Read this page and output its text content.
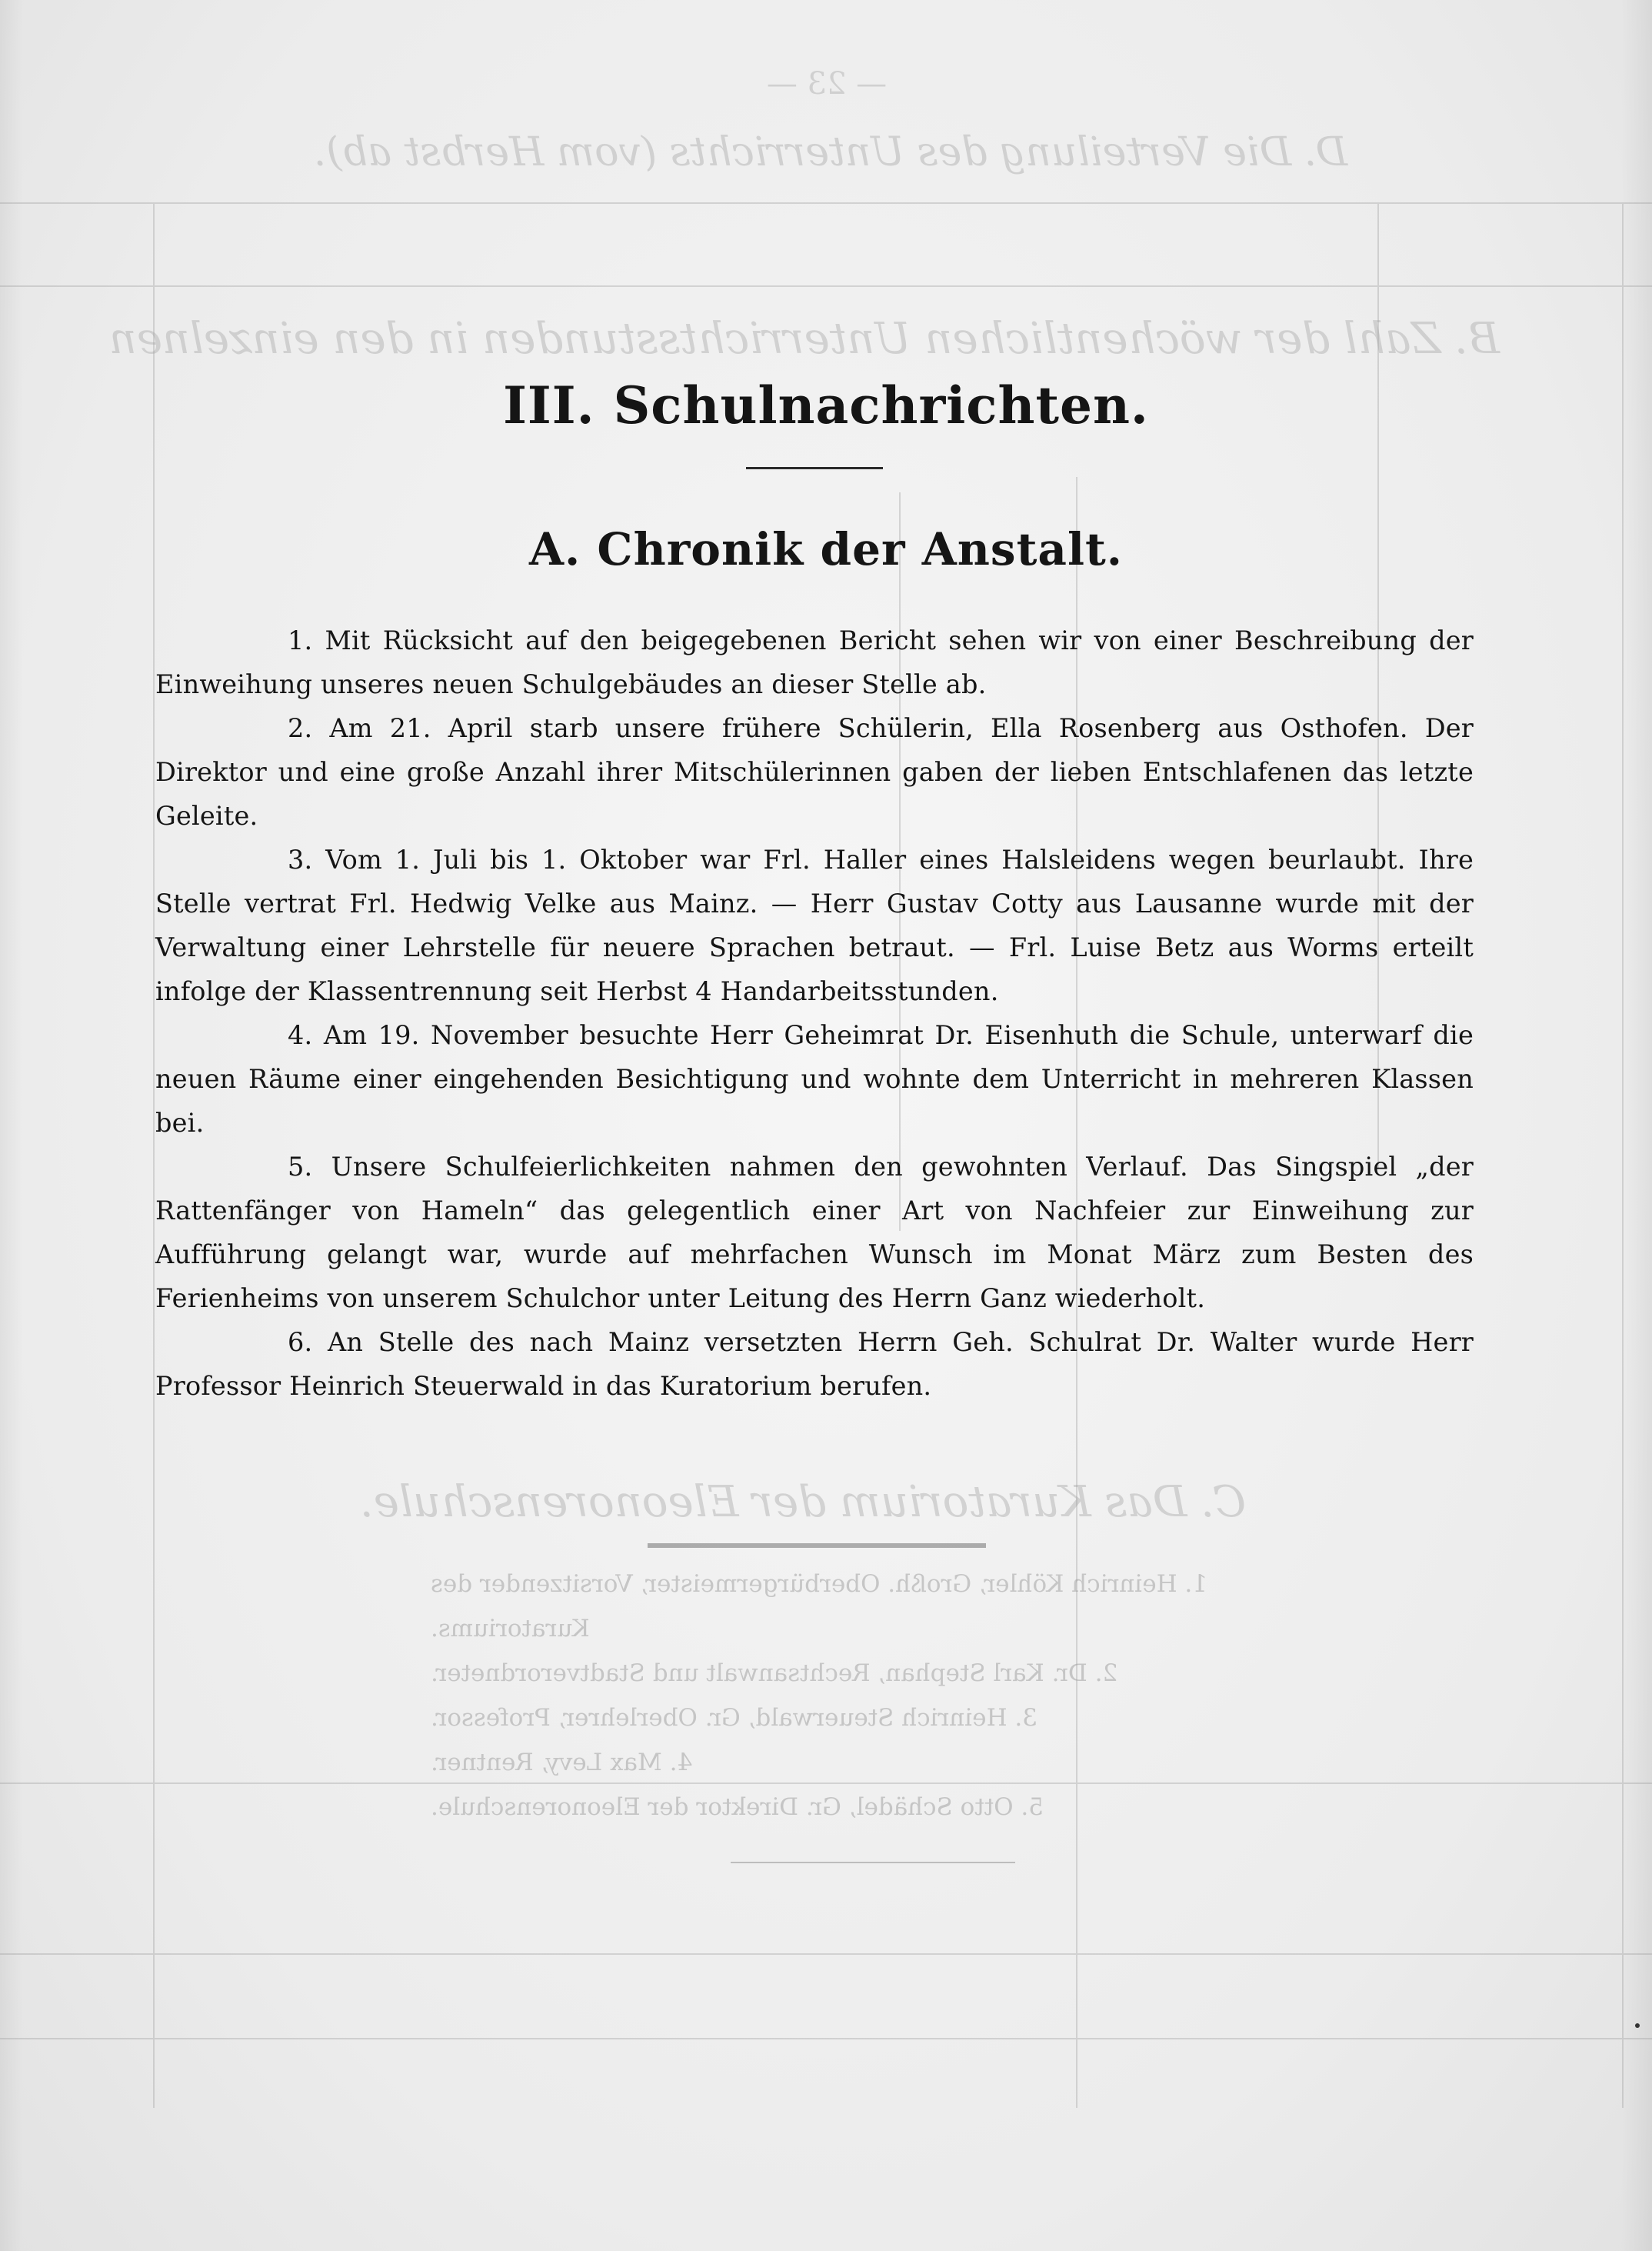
— 23 —
D. Die Verteilung des Unterrichts (vom Herbst ab).
B. Zahl der wöchentlichen Unterrichtsstunden in den einzelnen
C. Das Kuratorium der Eleonorenschule.
1. Heinrich Köhler, Großh. Oberbürgermeister, Vorsitzender des Kuratoriums.
2. Dr. Karl Stephan, Rechtsanwalt und Stadtverordneter.
3. Heinrich Steuerwald, Gr. Oberlehrer, Professor.
4. Max Levy, Rentner.
5. Otto Schädel, Gr. Direktor der Eleonorenschule.
III. Schulnachrichten.
A. Chronik der Anstalt.

1. Mit Rücksicht auf den beigegebenen Bericht sehen wir von einer Beschreibung der Einweihung unseres neuen Schulgebäudes an dieser Stelle ab.

2. Am 21. April starb unsere frühere Schülerin, Ella Rosenberg aus Osthofen. Der Direktor und eine große Anzahl ihrer Mitschülerinnen gaben der lieben Entschlafenen das letzte Geleite.

3. Vom 1. Juli bis 1. Oktober war Frl. Haller eines Halsleidens wegen beurlaubt. Ihre Stelle vertrat Frl. Hedwig Velke aus Mainz. — Herr Gustav Cotty aus Lausanne wurde mit der Verwaltung einer Lehrstelle für neuere Sprachen betraut. — Frl. Luise Betz aus Worms erteilt infolge der Klassentrennung seit Herbst 4 Handarbeitsstunden.

4. Am 19. November besuchte Herr Geheimrat Dr. Eisenhuth die Schule, unterwarf die neuen Räume einer eingehenden Besichtigung und wohnte dem Unterricht in mehreren Klassen bei.

5. Unsere Schulfeierlichkeiten nahmen den gewohnten Verlauf. Das Singspiel „der Rattenfänger von Hameln“ das gelegentlich einer Art von Nachfeier zur Einweihung zur Aufführung gelangt war, wurde auf mehrfachen Wunsch im Monat März zum Besten des Ferienheims von unserem Schulchor unter Leitung des Herrn Ganz wiederholt.

6. An Stelle des nach Mainz versetzten Herrn Geh. Schulrat Dr. Walter wurde Herr Professor Heinrich Steuerwald in das Kuratorium berufen.
